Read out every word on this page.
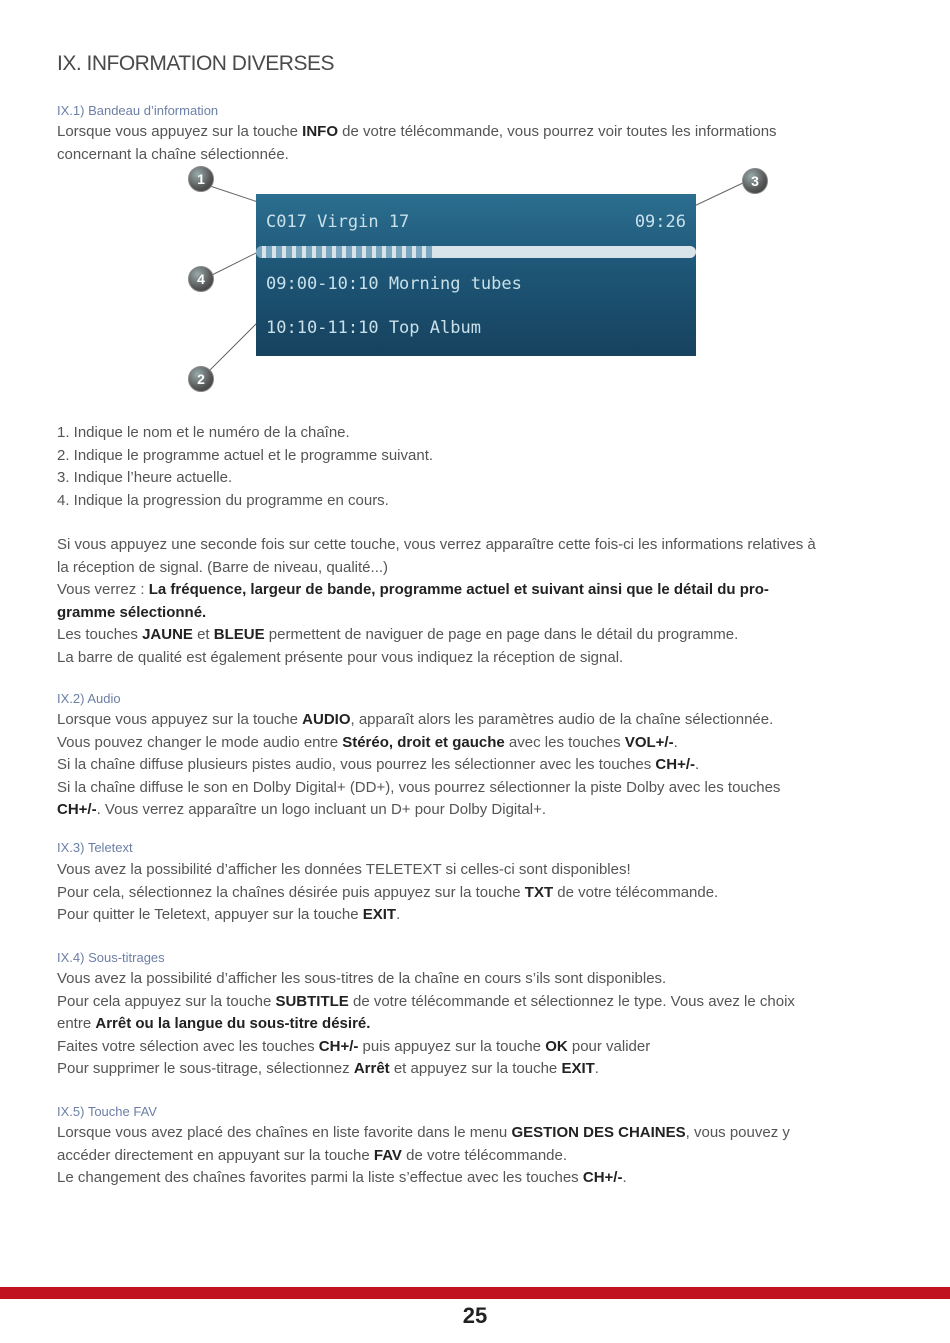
IX. INFORMATION DIVERSES

IX.1) Bandeau d’information

Lorsque vous appuyez sur la touche INFO de votre télécommande, vous pourrez voir toutes les informations
concernant la chaîne sélectionnée.

C017 Virgin 17	09:26
09:00-10:10 Morning tubes
10:10-11:10 Top Album
1
2
3
4

1. Indique le nom et le numéro de la chaîne.
2. Indique le programme actuel et le programme suivant.
3. Indique l’heure actuelle.
4. Indique la progression du programme en cours.

Si vous appuyez une seconde fois sur cette touche, vous verrez apparaître cette fois-ci les informations relatives à
la réception de signal. (Barre de niveau, qualité...)
Vous verrez : La fréquence, largeur de bande, programme actuel et suivant ainsi que le détail du pro-
gramme sélectionné.
Les touches JAUNE et BLEUE permettent de naviguer de page en page dans le détail du programme.
La barre de qualité est également présente pour vous indiquez la réception de signal.

IX.2) Audio

Lorsque vous appuyez sur la touche AUDIO, apparaît alors les paramètres audio de la chaîne sélectionnée.
Vous pouvez changer le mode audio entre Stéréo, droit et gauche avec les touches VOL+/-.
Si la chaîne diffuse plusieurs pistes audio, vous pourrez les sélectionner avec les touches CH+/-.
Si la chaîne diffuse le son en Dolby Digital+ (DD+), vous pourrez sélectionner la piste Dolby avec les touches
CH+/-. Vous verrez apparaître un logo incluant un D+ pour Dolby Digital+.

IX.3) Teletext

Vous avez la possibilité d’afficher les données TELETEXT si celles-ci sont disponibles!
Pour cela, sélectionnez la chaînes désirée puis appuyez sur la touche TXT de votre télécommande.
Pour quitter le Teletext, appuyer sur la touche EXIT.

IX.4) Sous-titrages

Vous avez la possibilité d’afficher les sous-titres de la chaîne en cours s’ils sont disponibles.
Pour cela appuyez sur la touche SUBTITLE de votre télécommande et sélectionnez le type. Vous avez le choix
entre Arrêt ou la langue du sous-titre désiré.
Faites votre sélection avec les touches CH+/- puis appuyez sur la touche OK pour valider
Pour supprimer le sous-titrage, sélectionnez Arrêt et appuyez sur la touche EXIT.

IX.5) Touche FAV

Lorsque vous avez placé des chaînes en liste favorite dans le menu GESTION DES CHAINES, vous pouvez y
accéder directement en appuyant sur la touche FAV de votre télécommande.
Le changement des chaînes favorites parmi la liste s’effectue avec les touches CH+/-.

25
